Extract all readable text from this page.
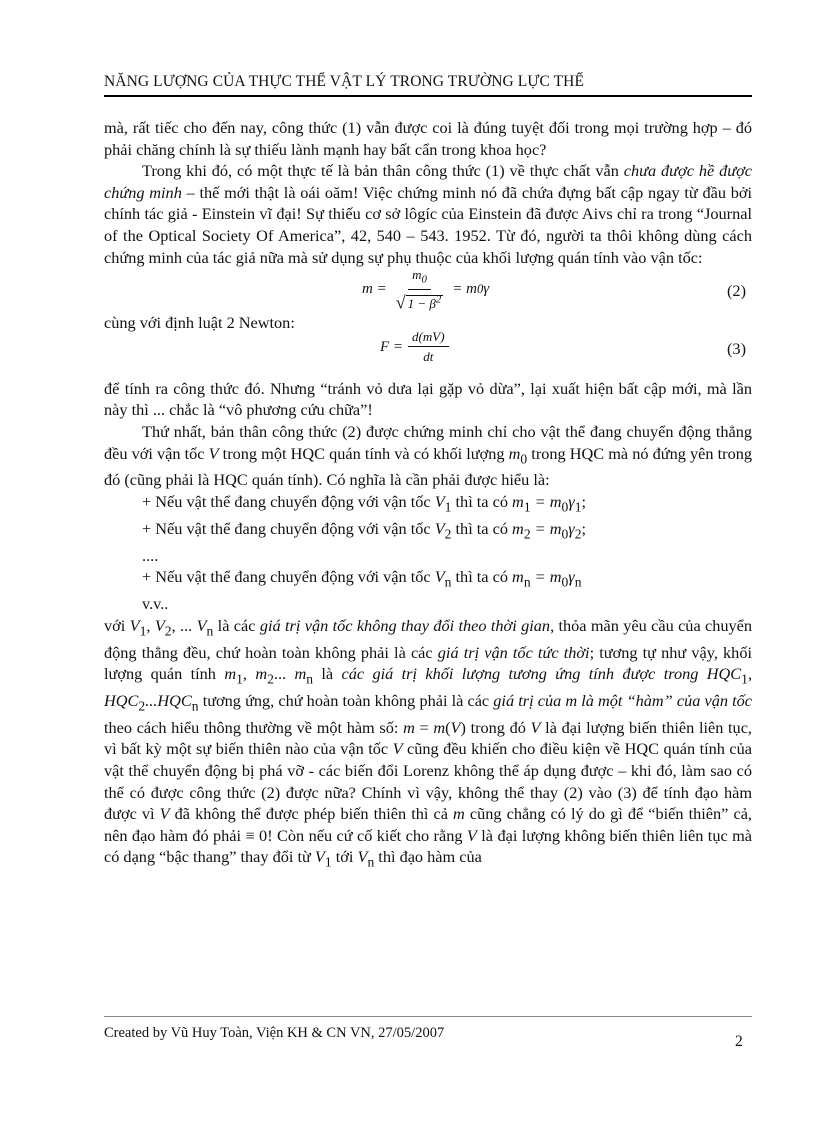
NĂNG LƯỢNG CỦA THỰC THỂ VẬT LÝ TRONG TRƯỜNG LỰC THẾ

mà, rất tiếc cho đến nay, công thức (1) vẫn được coi là đúng tuyệt đối trong mọi trường hợp – đó phải chăng chính là sự thiếu lành mạnh hay bất cẩn trong khoa học?

Trong khi đó, có một thực tế là bản thân công thức (1) về thực chất vẫn chưa được hề được chứng minh – thế mới thật là oái oăm! Việc chứng minh nó đã chứa đựng bất cập ngay từ đầu bởi chính tác giả - Einstein vĩ đại! Sự thiếu cơ sở lôgíc của Einstein đã được Aivs chỉ ra trong “Journal of the Optical Society Of America”, 42, 540 – 543. 1952. Từ đó, người ta thôi không dùng cách chứng minh của tác giả nữa mà sử dụng sự phụ thuộc của khối lượng quán tính vào vận tốc:

$m = \frac{m_0}{√ 1 - \beta^2} = m$ 0 γ	(2)

cùng với định luật 2 Newton:

$F = \frac{d(mV)}{dt}$	(3)

để tính ra công thức đó. Nhưng “tránh vỏ dưa lại gặp vỏ dừa”, lại xuất hiện bất cập mới, mà lần này thì ... chắc là “vô phương cứu chữa”!

Thứ nhất, bản thân công thức (2) được chứng minh chỉ cho vật thể đang chuyển động thẳng đều với vận tốc V trong một HQC quán tính và có khối lượng $m_0$ trong HQC mà nó đứng yên trong đó (cũng phải là HQC quán tính). Có nghĩa là cần phải được hiểu là:

+ Nếu vật thể đang chuyển động với vận tốc $V_1$ thì ta có $m_1 = m_0\gamma_1$;

+ Nếu vật thể đang chuyển động với vận tốc $V_2$ thì ta có $m_2 = m_0\gamma_2$;

....

+ Nếu vật thể đang chuyển động với vận tốc $V_n$ thì ta có $m_n = m_0\gamma_n$

v.v..

với $V_1$, $V_2$, ... $V_n$ là các giá trị vận tốc không thay đổi theo thời gian, thỏa mãn yêu cầu của chuyển động thẳng đều, chứ hoàn toàn không phải là các giá trị vận tốc tức thời; tương tự như vậy, khối lượng quán tính $m_1$, $m_2$... $m_n$ là các giá trị khối lượng tương ứng tính được trong $HQC_1$, $HQC_2...HQC_n$ tương ứng, chứ hoàn toàn không phải là các giá trị của m là một “hàm” của vận tốc theo cách hiểu thông thường về một hàm số: m = m(V) trong đó V là đại lượng biến thiên liên tục, vì bất kỳ một sự biến thiên nào của vận tốc V cũng đều khiến cho điều kiện về HQC quán tính của vật thể chuyển động bị phá vỡ - các biến đổi Lorenz không thể áp dụng được – khi đó, làm sao có thể có được công thức (2) được nữa? Chính vì vậy, không thể thay (2) vào (3) để tính đạo hàm được vì V đã không thể được phép biến thiên thì cả m cũng chẳng có lý do gì để “biến thiên” cả, nên đạo hàm đó phải ≡ 0! Còn nếu cứ cố kiết cho rằng V là đại lượng không biến thiên liên tục mà có dạng “bậc thang” thay đổi từ $V_1$ tới $V_n$ thì đạo hàm của

Created by Vũ Huy Toàn, Viện KH & CN VN, 27/05/2007	2
